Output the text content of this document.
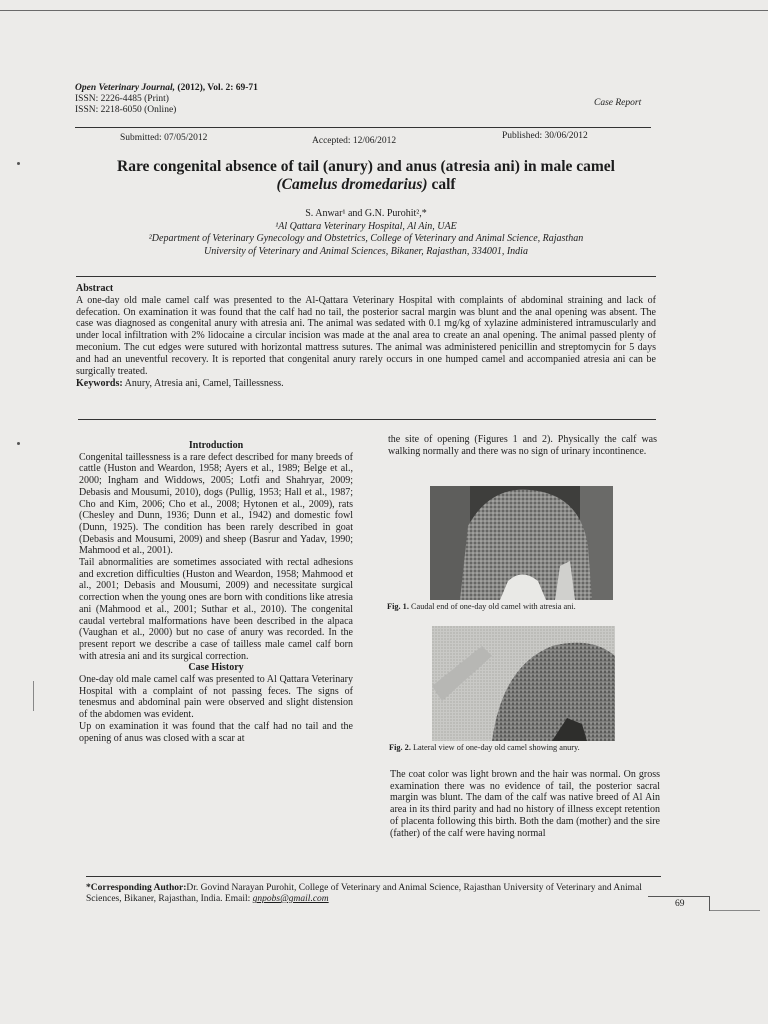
Open Veterinary Journal, (2012), Vol. 2: 69-71
ISSN: 2226-4485 (Print)
ISSN: 2218-6050 (Online)
Case Report
Submitted: 07/05/2012	Accepted: 12/06/2012	Published: 30/06/2012
Rare congenital absence of tail (anury) and anus (atresia ani) in male camel
(Camelus dromedarius) calf
S. Anwar¹ and G.N. Purohit²,*
¹Al Qattara Veterinary Hospital, Al Ain, UAE
²Department of Veterinary Gynecology and Obstetrics, College of Veterinary and Animal Science, Rajasthan
University of Veterinary and Animal Sciences, Bikaner, Rajasthan, 334001, India
Abstract
A one-day old male camel calf was presented to the Al-Qattara Veterinary Hospital with complaints of abdominal straining and lack of defecation. On examination it was found that the calf had no tail, the posterior sacral margin was blunt and the anal opening was absent. The case was diagnosed as congenital anury with atresia ani. The animal was sedated with 0.1 mg/kg of xylazine administered intramuscularly and under local infiltration with 2% lidocaine a circular incision was made at the anal area to create an anal opening. The animal passed plenty of meconium. The cut edges were sutured with horizontal mattress sutures. The animal was administered penicillin and streptomycin for 5 days and had an uneventful recovery. It is reported that congenital anury rarely occurs in one humped camel and accompanied atresia ani can be surgically treated.
Keywords: Anury, Atresia ani, Camel, Taillessness.
Introduction

Congenital taillessness is a rare defect described for many breeds of cattle (Huston and Weardon, 1958; Ayers et al., 1989; Belge et al., 2000; Ingham and Widdows, 2005; Lotfi and Shahryar, 2009; Debasis and Mousumi, 2010), dogs (Pullig, 1953; Hall et al., 1987; Cho and Kim, 2006; Cho et al., 2008; Hytonen et al., 2009), rats (Chesley and Dunn, 1936; Dunn et al., 1942) and domestic fowl (Dunn, 1925). The condition has been rarely described in goat (Debasis and Mousumi, 2009) and sheep (Basrur and Yadav, 1990; Mahmood et al., 2001).

Tail abnormalities are sometimes associated with rectal adhesions and excretion difficulties (Huston and Weardon, 1958; Mahmood et al., 2001; Debasis and Mousumi, 2009) and necessitate surgical correction when the young ones are born with conditions like atresia ani (Mahmood et al., 2001; Suthar et al., 2010). The congenital caudal vertebral malformations have been described in the alpaca (Vaughan et al., 2000) but no case of anury was recorded. In the present report we describe a case of tailless male camel calf born with atresia ani and its surgical correction.

Case History

One-day old male camel calf was presented to Al Qattara Veterinary Hospital with a complaint of not passing feces. The signs of tenesmus and abdominal pain were observed and slight distension of the abdomen was evident.

Up on examination it was found that the calf had no tail and the opening of anus was closed with a scar at

the site of opening (Figures 1 and 2). Physically the calf was walking normally and there was no sign of urinary incontinence.

Fig. 1. Caudal end of one-day old camel with atresia ani.
Fig. 2. Lateral view of one-day old camel showing anury.

The coat color was light brown and the hair was normal. On gross examination there was no evidence of tail, the posterior sacral margin was blunt. The dam of the calf was native breed of Al Ain area in its third parity and had no history of illness except retention of placenta following this birth. Both the dam (mother) and the sire (father) of the calf were having normal

*Corresponding Author:Dr. Govind Narayan Purohit, College of Veterinary and Animal Science, Rajasthan University of Veterinary and Animal Sciences, Bikaner, Rajasthan, India. Email: gnpobs@gmail.com	69
